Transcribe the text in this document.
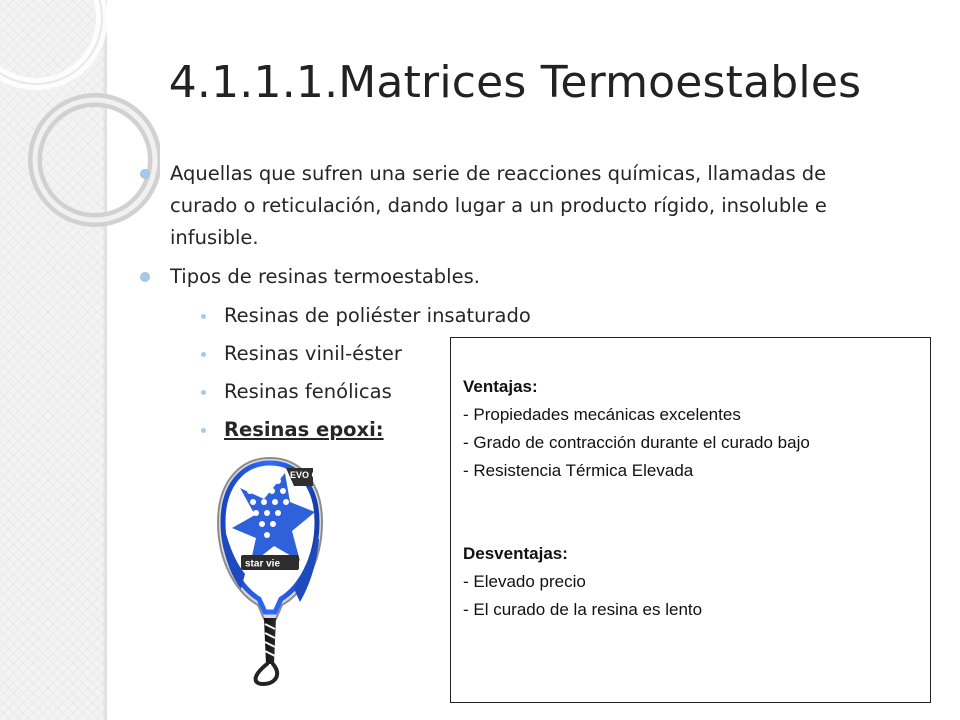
4.1.1.1.Matrices Termoestables
Aquellas que sufren una serie de reacciones químicas, llamadas de curado o reticulación, dando lugar a un producto rígido, insoluble e infusible.
Tipos de resinas termoestables.
Resinas de poliéster insaturado
Resinas vinil-éster
Resinas fenólicas
Resinas epoxi:
star vie
EVO C3
Ventajas:
- Propiedades mecánicas excelentes
- Grado de contracción durante el curado bajo
- Resistencia Térmica Elevada
Desventajas:
- Elevado precio
- El curado de la resina es lento
